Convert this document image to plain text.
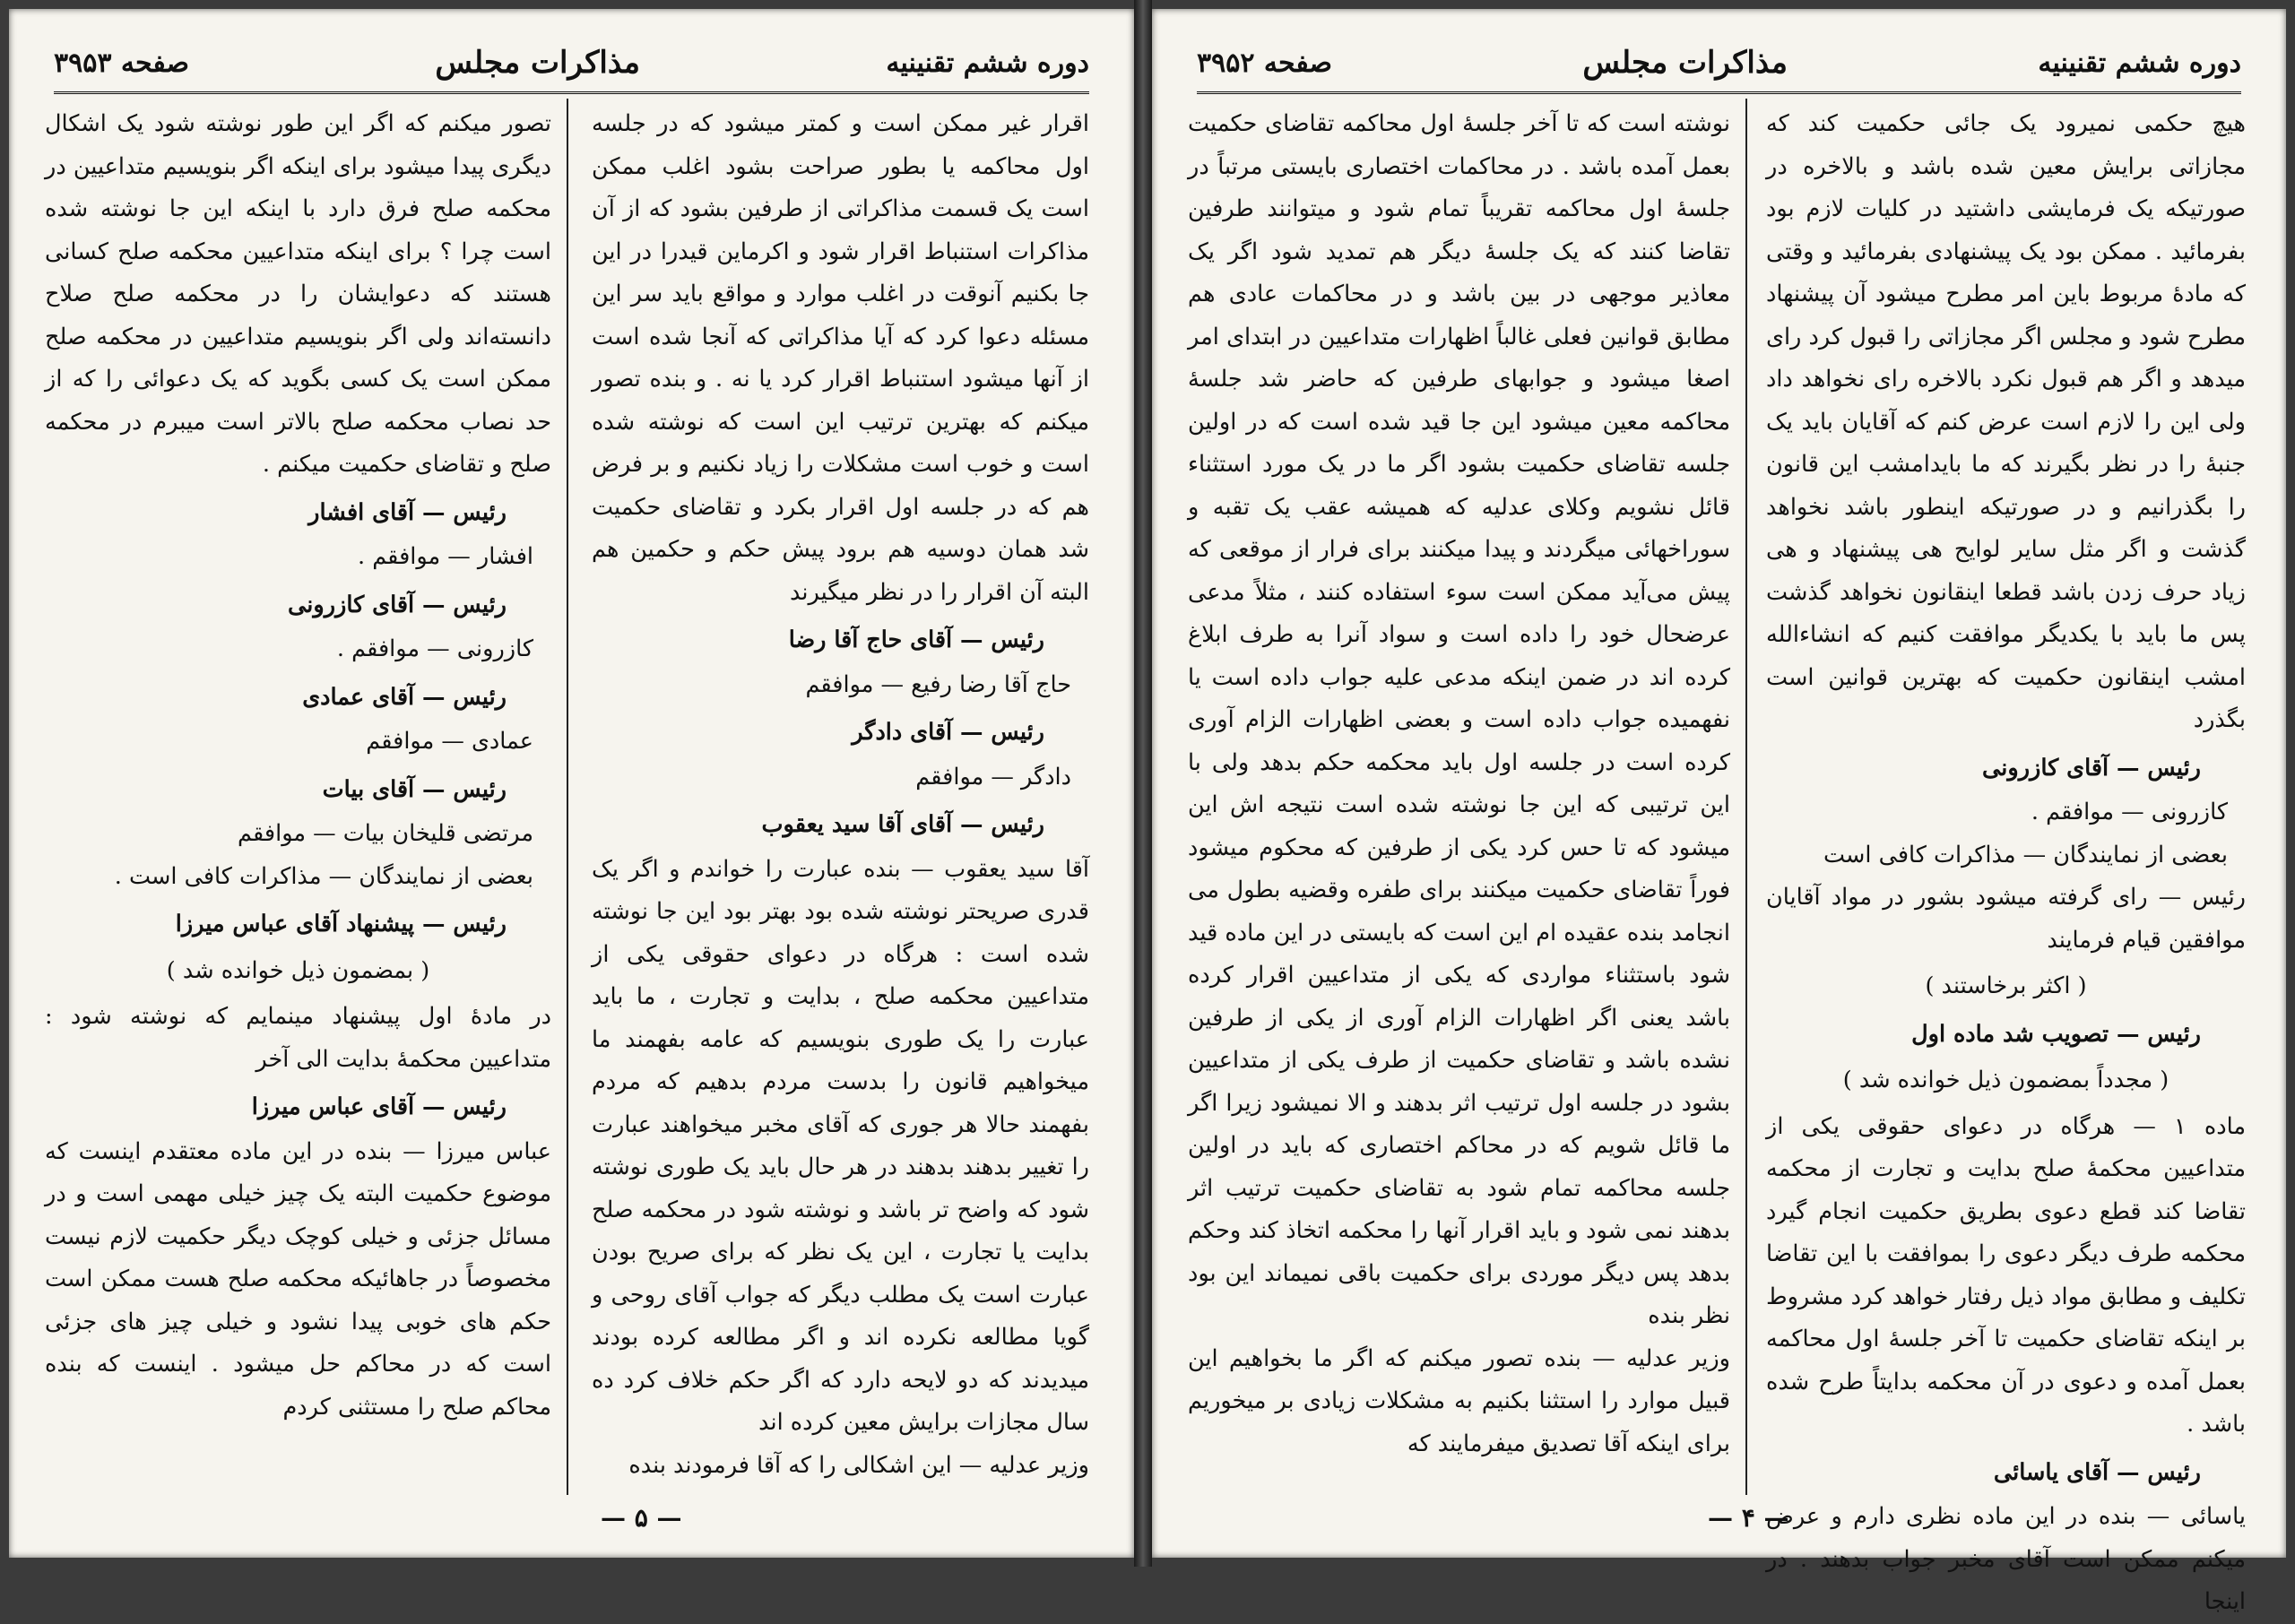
دوره ششم تقنینیه
مذاکرات مجلس
صفحه ۳۹۵۳

اقرار غیر ممکن است و کمتر میشود که در جلسه اول محاکمه یا بطور صراحت بشود اغلب ممکن است یک قسمت مذاکراتی از طرفین بشود که از آن مذاکرات استنباط اقرار شود و اکرماین قیدرا در این جا بکنیم آنوقت در اغلب موارد و مواقع باید سر این مسئله دعوا کرد که آیا مذاکراتی که آنجا شده است از آنها میشود استنباط اقرار کرد یا نه . و بنده تصور میکنم که بهترین ترتیب این است که نوشته شده است و خوب است مشکلات را زیاد نکنیم و بر فرض هم که در جلسه اول اقرار بکرد و تقاضای حکمیت شد همان دوسیه هم برود پیش حکم و حکمین هم البته آن اقرار را در نظر میگیرند

رئیس — آقای حاج آقا رضا

حاج آقا رضا رفیع — موافقم

رئیس — آقای دادگر

دادگر — موافقم

رئیس — آقای آقا سید یعقوب

آقا سید یعقوب — بنده عبارت را خواندم و اگر یک قدری صریحتر نوشته شده بود بهتر بود این جا نوشته شده است : هرگاه در دعوای حقوقی یکی از متداعیین محکمه صلح ، بدایت و تجارت ، ما باید عبارت را یک طوری بنویسیم که عامه بفهمند ما میخواهیم قانون را بدست مردم بدهیم که مردم بفهمند حالا هر جوری که آقای مخبر میخواهند عبارت را تغییر بدهند بدهند در هر حال باید یک طوری نوشته شود که واضح تر باشد و نوشته شود در محکمه صلح بدایت یا تجارت ، این یک نظر که برای صریح بودن عبارت است یک مطلب دیگر که جواب آقای روحی و گویا مطالعه نکرده اند و اگر مطالعه کرده بودند میدیدند که دو لایحه دارد که اگر حکم خلاف کرد ده سال مجازات برایش معین کرده اند

وزیر عدلیه — این اشکالی را که آقا فرمودند بنده

تصور میکنم که اگر این طور نوشته شود یک اشکال دیگری پیدا میشود برای اینکه اگر بنویسیم متداعیین در محکمه صلح فرق دارد با اینکه این جا نوشته شده است چرا ؟ برای اینکه متداعیین محکمه صلح کسانی هستند که دعوایشان را در محکمه صلح صلاح دانسته‌اند ولی اگر بنویسیم متداعیین در محکمه صلح ممکن است یک کسی بگوید که یک دعوائی را که از حد نصاب محکمه صلح بالاتر است میبرم در محکمه صلح و تقاضای حکمیت میکنم .

رئیس — آقای افشار

افشار — موافقم .

رئیس — آقای کازرونی

کازرونی — موافقم .

رئیس — آقای عمادی

عمادی — موافقم

رئیس — آقای بیات

مرتضی قلیخان بیات — موافقم

بعضی از نمایندگان — مذاکرات کافی است .

رئیس — پیشنهاد آقای عباس میرزا

( بمضمون ذیل خوانده شد )

در مادهٔ اول پیشنهاد مینمایم که نوشته شود : متداعیین محکمهٔ بدایت الی آخر

رئیس — آقای عباس میرزا

عباس میرزا — بنده در این ماده معتقدم اینست که موضوع حکمیت البته یک چیز خیلی مهمی است و در مسائل جزئی و خیلی کوچک دیگر حکمیت لازم نیست مخصوصاً در جاهائیکه محکمه صلح هست ممکن است حکم های خوبی پیدا نشود و خیلی چیز های جزئی است که در محاکم حل میشود . اینست که بنده محاکم صلح را مستثنی کردم

— ۵ —
دوره ششم تقنینیه
مذاکرات مجلس
صفحه ۳۹۵۲

هیچ حکمی نمیرود یک جائی حکمیت کند که مجازاتی برایش معین شده باشد و بالاخره در صورتیکه یک فرمایشی داشتید در کلیات لازم بود بفرمائید . ممکن بود یک پیشنهادی بفرمائید و وقتی که مادهٔ مربوط باین امر مطرح میشود آن پیشنهاد مطرح شود و مجلس اگر مجازاتی را قبول کرد رای میدهد و اگر هم قبول نکرد بالاخره رای نخواهد داد ولی این را لازم است عرض کنم که آقایان باید یک جنبهٔ را در نظر بگیرند که ما بایدامشب این قانون را بگذرانیم و در صورتیکه اینطور باشد نخواهد گذشت و اگر مثل سایر لوایح هی پیشنهاد و هی زیاد حرف زدن باشد قطعا اینقانون نخواهد گذشت پس ما باید با یکدیگر موافقت کنیم که انشاءالله امشب اینقانون حکمیت که بهترین قوانین است بگذرد

رئیس — آقای کازرونی

کازرونی — موافقم .

بعضی از نمایندگان — مذاکرات کافی است

رئیس — رای گرفته میشود بشور در مواد آقایان موافقین قیام فرمایند

( اکثر برخاستند )

رئیس — تصویب شد ماده اول

( مجدداً بمضمون ذیل خوانده شد )

ماده ۱ — هرگاه در دعوای حقوقی یکی از متداعیین محکمهٔ صلح بدایت و تجارت از محکمه تقاضا کند قطع دعوی بطریق حکمیت انجام گیرد محکمه طرف دیگر دعوی را بموافقت با این تقاضا تکلیف و مطابق مواد ذیل رفتار خواهد کرد مشروط بر اینکه تقاضای حکمیت تا آخر جلسهٔ اول محاکمه بعمل آمده و دعوی در آن محکمه بدایتاً طرح شده باشد .

رئیس — آقای یاسائی

یاسائی — بنده در این ماده نظری دارم و عرض میکنم ممکن است آقای مخبر جواب بدهند . در اینجا

نوشته است که تا آخر جلسهٔ اول محاکمه تقاضای حکمیت بعمل آمده باشد . در محاکمات اختصاری بایستی مرتباً در جلسهٔ اول محاکمه تقریباً تمام شود و میتوانند طرفین تقاضا کنند که یک جلسهٔ دیگر هم تمدید شود اگر یک معاذیر موجهی در بین باشد و در محاکمات عادی هم مطابق قوانین فعلی غالباً اظهارات متداعیین در ابتدای امر اصغا میشود و جوابهای طرفین که حاضر شد جلسهٔ محاکمه معین میشود این جا قید شده است که در اولین جلسه تقاضای حکمیت بشود اگر ما در یک مورد استثناء قائل نشویم وکلای عدلیه که همیشه عقب یک تقبه و سوراخهائی میگردند و پیدا میکنند برای فرار از موقعی که پیش می‌آید ممکن است سوء استفاده کنند ، مثلاً مدعی عرضحال خود را داده است و سواد آنرا به طرف ابلاغ کرده اند در ضمن اینکه مدعی علیه جواب داده است یا نفهمیده جواب داده است و بعضی اظهارات الزام آوری کرده است در جلسه اول باید محکمه حکم بدهد ولی با این ترتیبی که این جا نوشته شده است نتیجه اش این میشود که تا حس کرد یکی از طرفین که محکوم میشود فوراً تقاضای حکمیت میکنند برای طفره وقضیه بطول می انجامد بنده عقیده ام این است که بایستی در این ماده قید شود باستثناء مواردی که یکی از متداعیین اقرار کرده باشد یعنی اگر اظهارات الزام آوری از یکی از طرفین نشده باشد و تقاضای حکمیت از طرف یکی از متداعیین بشود در جلسه اول ترتیب اثر بدهند و الا نمیشود زیرا اگر ما قائل شویم که در محاکم اختصاری که باید در اولین جلسه محاکمه تمام شود به تقاضای حکمیت ترتیب اثر بدهند نمی شود و باید اقرار آنها را محکمه اتخاذ کند وحکم بدهد پس دیگر موردی برای حکمیت باقی نمیماند این بود نظر بنده

وزیر عدلیه — بنده تصور میکنم که اگر ما بخواهیم این قبیل موارد را استثنا بکنیم به مشکلات زیادی بر میخوریم برای اینکه آقا تصدیق میفرمایند که

— ۴ —
